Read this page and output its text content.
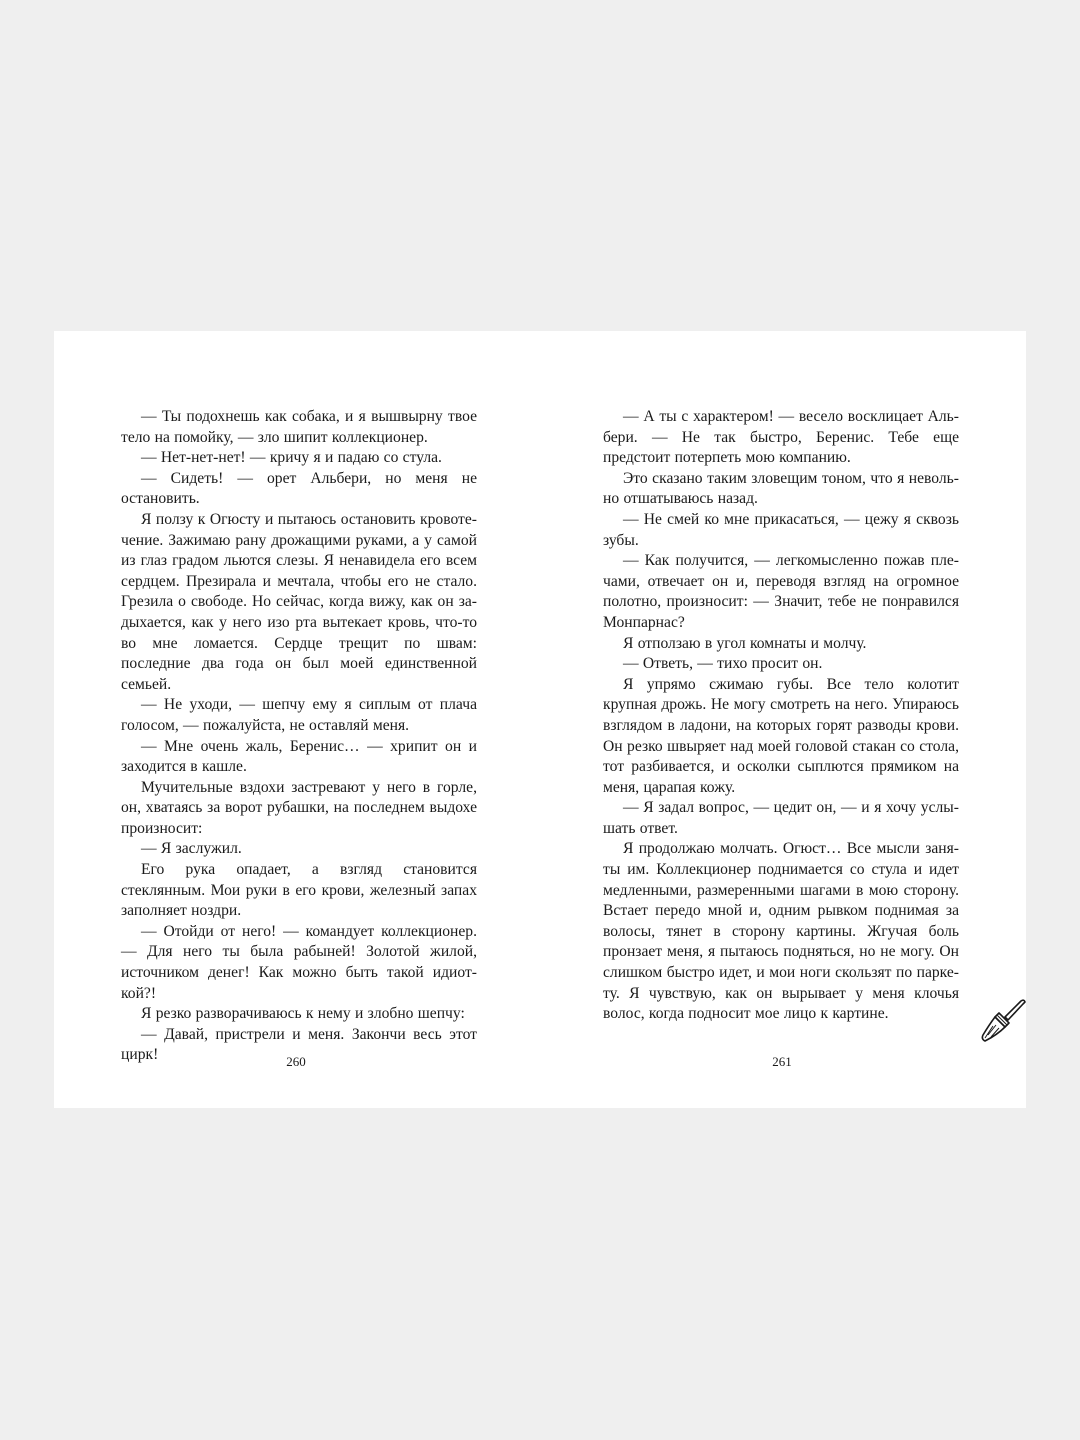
— Ты подохнешь как собака, и я вышвырну твое тело на помойку, — зло шипит коллекционер.

— Нет-нет-нет! — кричу я и падаю со стула.

— Сидеть! — орет Альбери, но меня не остановить.

Я ползу к Огюсту и пытаюсь остановить кровотечение. Зажимаю рану дрожащими руками, а у самой из глаз градом льются слезы. Я ненавидела его всем сердцем. Презирала и мечтала, чтобы его не стало. Грезила о свободе. Но сейчас, когда вижу, как он задыхается, как у него изо рта вытекает кровь, что-то во мне ломается. Сердце трещит по швам: последние два года он был моей единственной семьей.

— Не уходи, — шепчу ему я сиплым от плача голосом, — пожалуйста, не оставляй меня.

— Мне очень жаль, Беренис… — хрипит он и заходится в кашле.

Мучительные вздохи застревают у него в горле, он, хватаясь за ворот рубашки, на последнем выдохе произносит:

— Я заслужил.

Его рука опадает, а взгляд становится стеклянным. Мои руки в его крови, железный запах заполняет ноздри.

— Отойди от него! — командует коллекционер. — Для него ты была рабыней! Золотой жилой, источником денег! Как можно быть такой идиоткой?!

Я резко разворачиваюсь к нему и злобно шепчу:

— Давай, пристрели и меня. Закончи весь этот цирк!

— А ты с характером! — весело восклицает Альбери. — Не так быстро, Беренис. Тебе еще предстоит потерпеть мою компанию.

Это сказано таким зловещим тоном, что я невольно отшатываюсь назад.

— Не смей ко мне прикасаться, — цежу я сквозь зубы.

— Как получится, — легкомысленно пожав плечами, отвечает он и, переводя взгляд на огромное полотно, произносит: — Значит, тебе не понравился Монпарнас?

Я отползаю в угол комнаты и молчу.

— Ответь, — тихо просит он.

Я упрямо сжимаю губы. Все тело колотит крупная дрожь. Не могу смотреть на него. Упираюсь взглядом в ладони, на которых горят разводы крови. Он резко швыряет над моей головой стакан со стола, тот разбивается, и осколки сыплются прямиком на меня, царапая кожу.

— Я задал вопрос, — цедит он, — и я хочу услышать ответ.

Я продолжаю молчать. Огюст… Все мысли заняты им. Коллекционер поднимается со стула и идет медленными, размеренными шагами в мою сторону. Встает передо мной и, одним рывком поднимая за волосы, тянет в сторону картины. Жгучая боль пронзает меня, я пытаюсь подняться, но не могу. Он слишком быстро идет, и мои ноги скользят по паркету. Я чувствую, как он вырывает у меня клочья волос, когда подносит мое лицо к картине.

260	261
